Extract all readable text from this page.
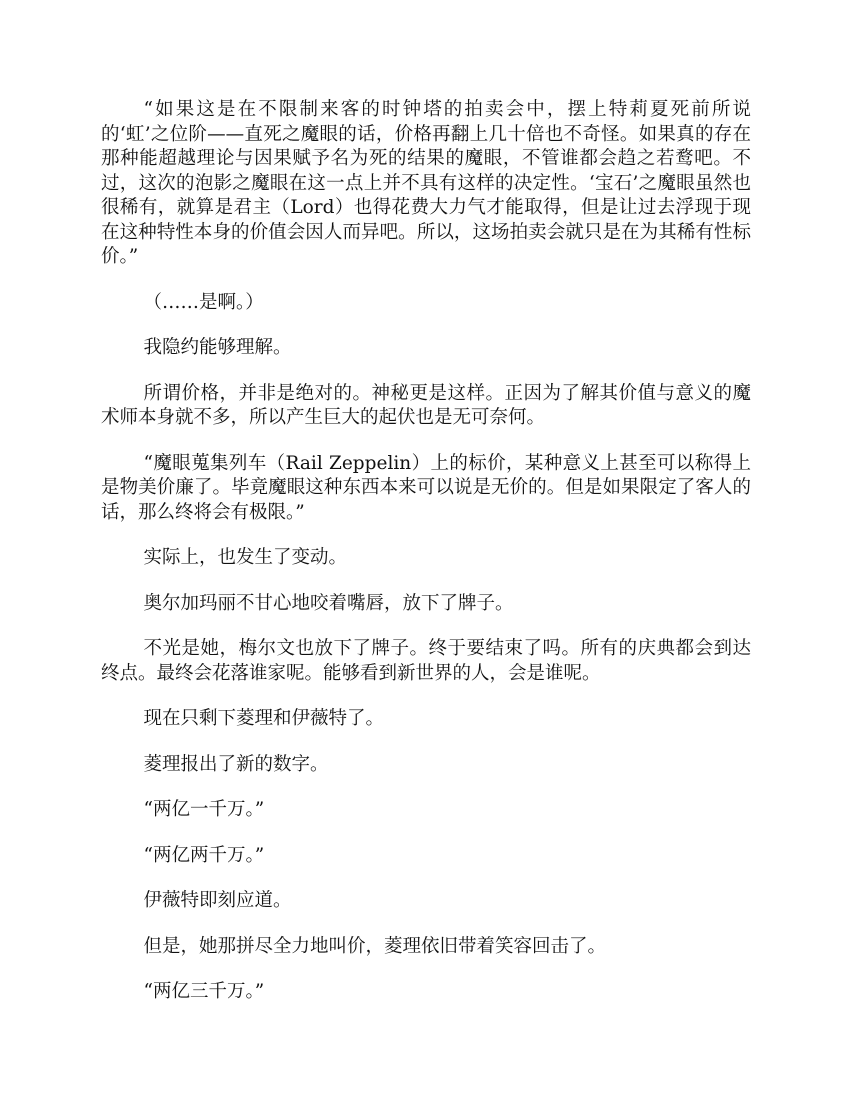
“如果这是在不限制来客的时钟塔的拍卖会中，摆上特莉夏死前所说的‘虹’之位阶——直死之魔眼的话，价格再翻上几十倍也不奇怪。如果真的存在那种能超越理论与因果赋予名为死的结果的魔眼，不管谁都会趋之若鹜吧。不过，这次的泡影之魔眼在这一点上并不具有这样的决定性。‘宝石’之魔眼虽然也很稀有，就算是君主（Lord）也得花费大力气才能取得，但是让过去浮现于现在这种特性本身的价值会因人而异吧。所以，这场拍卖会就只是在为其稀有性标价。”

（……是啊。）

我隐约能够理解。

所谓价格，并非是绝对的。神秘更是这样。正因为了解其价值与意义的魔术师本身就不多，所以产生巨大的起伏也是无可奈何。

“魔眼蒐集列车（Rail Zeppelin）上的标价，某种意义上甚至可以称得上是物美价廉了。毕竟魔眼这种东西本来可以说是无价的。但是如果限定了客人的话，那么终将会有极限。”

实际上，也发生了变动。

奥尔加玛丽不甘心地咬着嘴唇，放下了牌子。

不光是她，梅尔文也放下了牌子。终于要结束了吗。所有的庆典都会到达终点。最终会花落谁家呢。能够看到新世界的人，会是谁呢。

现在只剩下菱理和伊薇特了。

菱理报出了新的数字。

“两亿一千万。”

“两亿两千万。”

伊薇特即刻应道。

但是，她那拼尽全力地叫价，菱理依旧带着笑容回击了。

“两亿三千万。”
